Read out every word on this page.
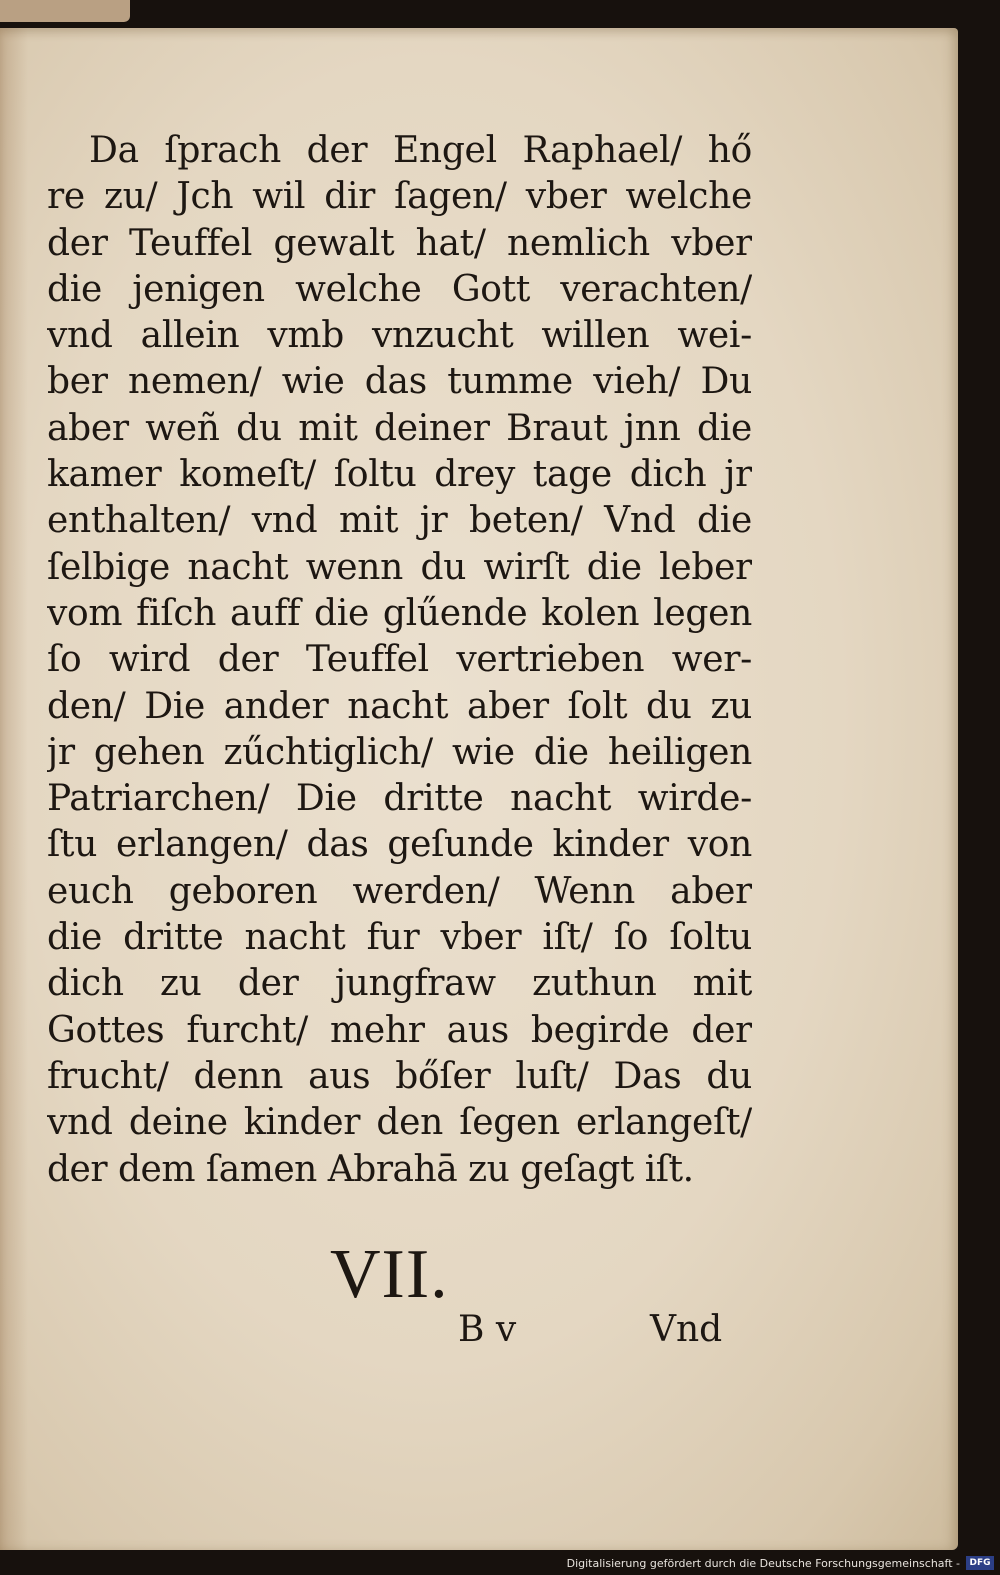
Da ſprach der Engel Raphael/ hő
re zu/ Jch wil dir ſagen/ vber welche
der Teuffel gewalt hat/ nemlich vber
die jenigen welche Gott verachten/
vnd allein vmb vnzucht willen wei-
ber nemen/ wie das tumme vieh/ Du
aber weñ du mit deiner Braut jnn die
kamer komeſt/ ſoltu drey tage dich jr
enthalten/ vnd mit jr beten/ Vnd die
ſelbige nacht wenn du wirſt die leber
vom fiſch auff die glűende kolen legen
ſo wird der Teuffel vertrieben wer-
den/ Die ander nacht aber ſolt du zu
jr gehen zűchtiglich/ wie die heiligen
Patriarchen/ Die dritte nacht wirde-
ſtu erlangen/ das geſunde kinder von
euch geboren werden/ Wenn aber
die dritte nacht fur vber iſt/ ſo ſoltu
dich zu der jungfraw zuthun mit
Gottes furcht/ mehr aus begirde der
frucht/ denn aus bőſer luſt/ Das du
vnd deine kinder den ſegen erlangeſt/
der dem ſamen Abrahā zu geſagt iſt.
VII.
B v	Vnd
Digitalisierung gefördert durch die Deutsche Forschungsgemeinschaft -	DFG
